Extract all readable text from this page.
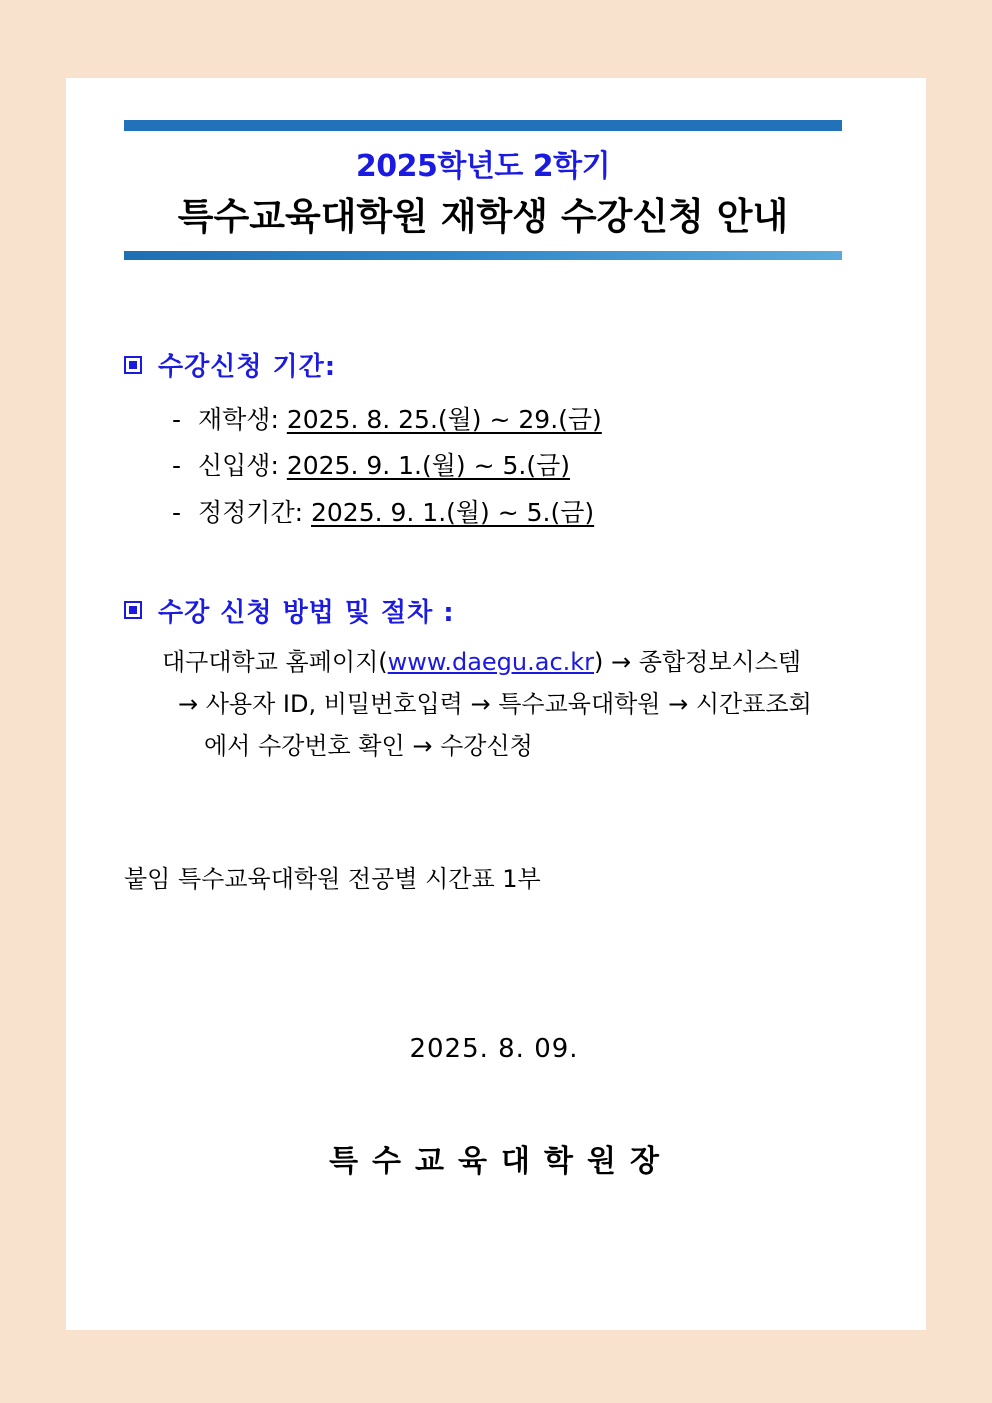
2025학년도 2학기
특수교육대학원 재학생 수강신청 안내
수강신청 기간:
- 재학생: 2025. 8. 25.(월) ~ 29.(금)
- 신입생: 2025. 9. 1.(월) ~ 5.(금)
- 정정기간: 2025. 9. 1.(월) ~ 5.(금)
수강 신청 방법 및 절차 :
대구대학교 홈페이지(www.daegu.ac.kr) → 종합정보시스템
→ 사용자 ID, 비밀번호입력 → 특수교육대학원 → 시간표조회
에서 수강번호 확인 → 수강신청
붙임 특수교육대학원 전공별 시간표 1부
2025. 8. 09.
특수교육대학원장
